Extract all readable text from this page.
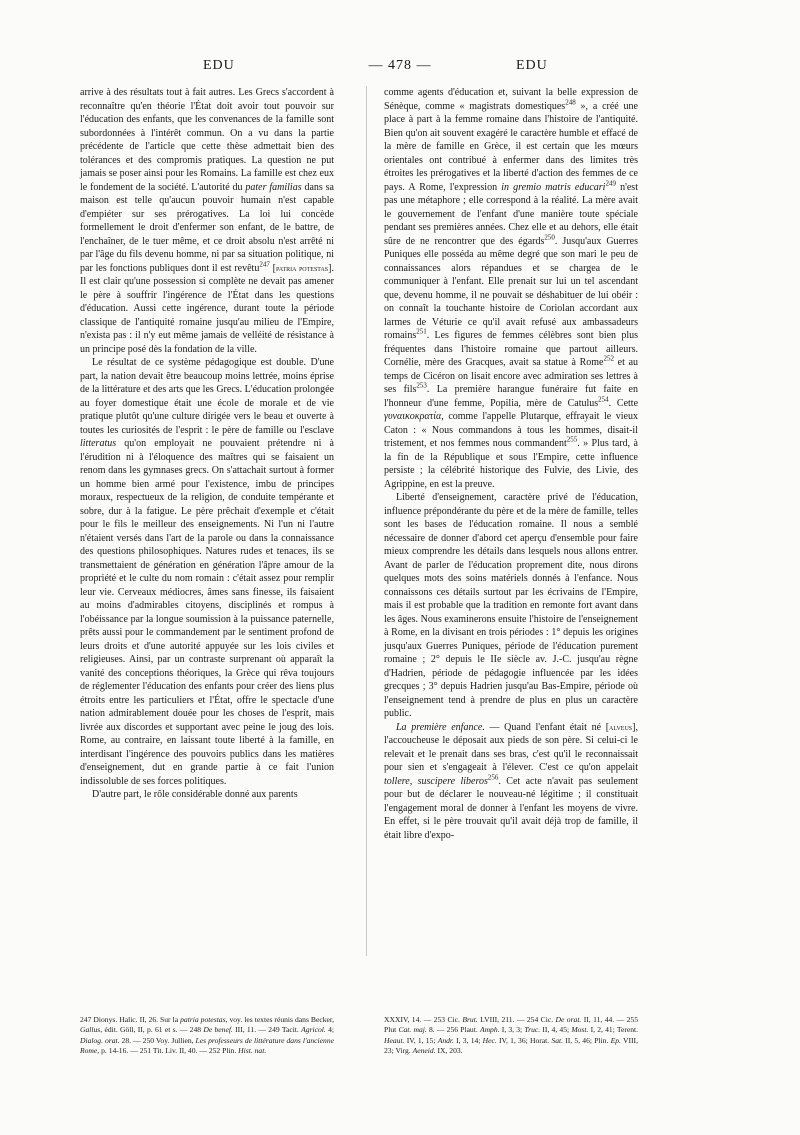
EDU	— 478 —	EDU

arrive à des résultats tout à fait autres. Les Grecs s'accordent à reconnaître qu'en théorie l'État doit avoir tout pouvoir sur l'éducation des enfants, que les convenances de la famille sont subordonnées à l'intérêt commun. On a vu dans la partie précédente de l'article que cette thèse admettait bien des tolérances et des compromis pratiques. La question ne put jamais se poser ainsi pour les Romains. La famille est chez eux le fondement de la société. L'autorité du pater familias dans sa maison est telle qu'aucun pouvoir humain n'est capable d'empiéter sur ses prérogatives. La loi lui concède formellement le droit d'enfermer son enfant, de le battre, de l'enchaîner, de le tuer même, et ce droit absolu n'est arrêté ni par l'âge du fils devenu homme, ni par sa situation politique, ni par les fonctions publiques dont il est revêtu$^{247}$ [patria potestas]. Il est clair qu'une possession si complète ne devait pas amener le père à souffrir l'ingérence de l'État dans les questions d'éducation. Aussi cette ingérence, durant toute la période classique de l'antiquité romaine jusqu'au milieu de l'Empire, n'exista pas : il n'y eut même jamais de velléité de résistance à un principe posé dès la fondation de la ville.

Le résultat de ce système pédagogique est double. D'une part, la nation devait être beaucoup moins lettrée, moins éprise de la littérature et des arts que les Grecs. L'éducation prolongée au foyer domestique était une école de morale et de vie pratique plutôt qu'une culture dirigée vers le beau et ouverte à toutes les curiosités de l'esprit : le père de famille ou l'esclave litteratus qu'on employait ne pouvaient prétendre ni à l'érudition ni à l'éloquence des maîtres qui se faisaient un renom dans les gymnases grecs. On s'attachait surtout à former un homme bien armé pour l'existence, imbu de principes moraux, respectueux de la religion, de conduite tempérante et sobre, dur à la fatigue. Le père prêchait d'exemple et c'était pour le fils le meilleur des enseignements. Ni l'un ni l'autre n'étaient versés dans l'art de la parole ou dans la connaissance des questions philosophiques. Natures rudes et tenaces, ils se transmettaient de génération en génération l'âpre amour de la propriété et le culte du nom romain : c'était assez pour remplir leur vie. Cerveaux médiocres, âmes sans finesse, ils faisaient au moins d'admirables citoyens, disciplinés et rompus à l'obéissance par la longue soumission à la puissance paternelle, prêts aussi pour le commandement par le sentiment profond de leurs droits et d'une autorité appuyée sur les lois civiles et religieuses. Ainsi, par un contraste surprenant où apparaît la vanité des conceptions théoriques, la Grèce qui rêva toujours de réglementer l'éducation des enfants pour créer des liens plus étroits entre les particuliers et l'État, offre le spectacle d'une nation admirablement douée pour les choses de l'esprit, mais livrée aux discordes et supportant avec peine le joug des lois. Rome, au contraire, en laissant toute liberté à la famille, en interdisant l'ingérence des pouvoirs publics dans les matières d'enseignement, dut en grande partie à ce fait l'union indissoluble de ses forces politiques.

D'autre part, le rôle considérable donné aux parents

comme agents d'éducation et, suivant la belle expression de Sénèque, comme « magistrats domestiques$^{248}$ », a créé une place à part à la femme romaine dans l'histoire de l'antiquité. Bien qu'on ait souvent exagéré le caractère humble et effacé de la mère de famille en Grèce, il est certain que les mœurs orientales ont contribué à enfermer dans des limites très étroites les prérogatives et la liberté d'action des femmes de ce pays. A Rome, l'expression in gremio matris educari$^{249}$ n'est pas une métaphore ; elle correspond à la réalité. La mère avait le gouvernement de l'enfant d'une manière toute spéciale pendant ses premières années. Chez elle et au dehors, elle était sûre de ne rencontrer que des égards$^{250}$. Jusqu'aux Guerres Puniques elle posséda au même degré que son mari le peu de connaissances alors répandues et se chargea de le communiquer à l'enfant. Elle prenait sur lui un tel ascendant que, devenu homme, il ne pouvait se déshabituer de lui obéir : on connaît la touchante histoire de Coriolan accordant aux larmes de Véturie ce qu'il avait refusé aux ambassadeurs romains$^{251}$. Les figures de femmes célèbres sont bien plus fréquentes dans l'histoire romaine que partout ailleurs. Cornélie, mère des Gracques, avait sa statue à Rome$^{252}$ et au temps de Cicéron on lisait encore avec admiration ses lettres à ses fils$^{253}$. La première harangue funéraire fut faite en l'honneur d'une femme, Popilia, mère de Catulus$^{254}$. Cette γυναικοκρατία, comme l'appelle Plutarque, effrayait le vieux Caton : « Nous commandons à tous les hommes, disait-il tristement, et nos femmes nous commandent$^{255}$. » Plus tard, à la fin de la République et sous l'Empire, cette influence persiste ; la célébrité historique des Fulvie, des Livie, des Agrippine, en est la preuve.

Liberté d'enseignement, caractère privé de l'éducation, influence prépondérante du père et de la mère de famille, telles sont les bases de l'éducation romaine. Il nous a semblé nécessaire de donner d'abord cet aperçu d'ensemble pour faire mieux comprendre les détails dans lesquels nous allons entrer. Avant de parler de l'éducation proprement dite, nous dirons quelques mots des soins matériels donnés à l'enfance. Nous connaissons ces détails surtout par les écrivains de l'Empire, mais il est probable que la tradition en remonte fort avant dans les âges. Nous examinerons ensuite l'histoire de l'enseignement à Rome, en la divisant en trois périodes : 1° depuis les origines jusqu'aux Guerres Puniques, période de l'éducation purement romaine ; 2° depuis le IIe siècle av. J.-C. jusqu'au règne d'Hadrien, période de pédagogie influencée par les idées grecques ; 3° depuis Hadrien jusqu'au Bas-Empire, période où l'enseignement tend à prendre de plus en plus un caractère public.

La première enfance. — Quand l'enfant était né [alveus], l'accoucheuse le déposait aux pieds de son père. Si celui-ci le relevait et le prenait dans ses bras, c'est qu'il le reconnaissait pour sien et s'engageait à l'élever. C'est ce qu'on appelait tollere, suscipere liberos$^{256}$. Cet acte n'avait pas seulement pour but de déclarer le nouveau-né légitime ; il constituait l'engagement moral de donner à l'enfant les moyens de vivre. En effet, si le père trouvait qu'il avait déjà trop de famille, il était libre d'expo-

247 Dionys. Halic. II, 26. Sur la patria potestas, voy. les textes réunis dans Becker, Gallus, édit. Göll, II, p. 61 et s. — 248 De benef. III, 11. — 249 Tacit. Agricol. 4; Dialog. orat. 28. — 250 Voy. Jullien, Les professeurs de littérature dans l'ancienne Rome, p. 14-16. — 251 Tit. Liv. II, 40. — 252 Plin. Hist. nat.
XXXIV, 14. — 253 Cic. Brut. LVIII, 211. — 254 Cic. De orat. II, 11, 44. — 255 Plut Cat. maj. 8. — 256 Plaut. Amph. I, 3, 3; Truc. II, 4, 45; Most. I, 2, 41; Terent. Heaut. IV, 1, 15; Andr. I, 3, 14; Hec. IV, 1, 36; Horat. Sat. II, 5, 46; Plin. Ep. VIII, 23; Virg. Aeneid. IX, 203.
